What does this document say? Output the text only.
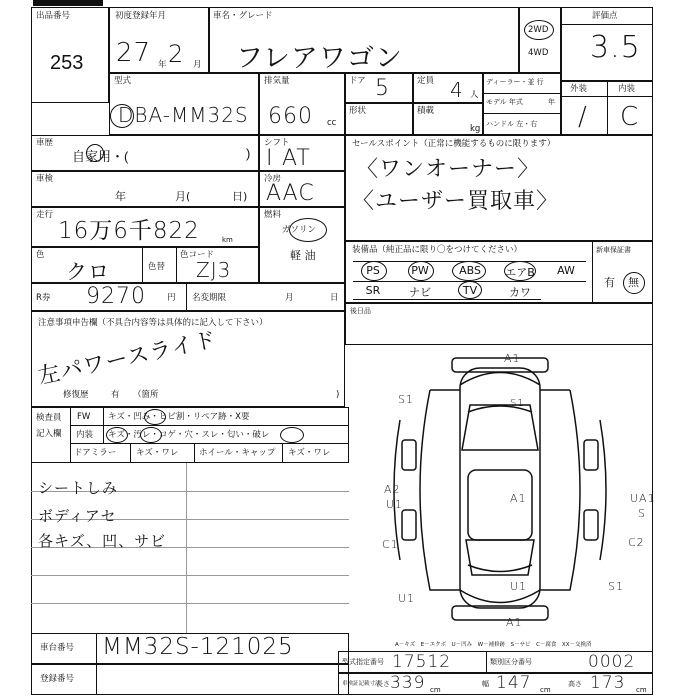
出品番号
253
初度登録年月
27 年 2 月
車名・グレード
フレアワゴン
2WD
4WD
評価点
3.5
外装	内装
/ C
型式
DBA-MM32S
排気量
660 cc
ドア 5	定員 4 人
形状	積載
kg
ディーラー・並 行
モデル 年式	年
ハンドル 左・右
車歴
自家用・(	)
シフト
I AT
セールスポイント（正常に機能するものに限ります）
〈ワンオーナー〉
〈ユーザー買取車〉
車検
年	月(	日)
冷房
AAC
走行
16万6千822	km
燃料
ガソリン
軽 油
色
クロ	色替
色コード
ZJ3
装備品（純正品に限り〇をつけてください）	新車保証書
有 無
PS	PW	ABS	エアB	AW
SR	ナビ	TV	カワ
R券 9270 円 名変期限	月	日
後日品
注意事項申告欄（不具合内容等は具体的に記入して下さい）
左パワースライド
修復歴	有 （箇所	)
検査員
記入欄
FW キズ・凹み・ヒビ割・リペア跡・X要
内装 キズ・汚レ・コゲ・穴・スレ・匂い・破レ
ドアミラー キズ・ワレ ホイール・キャップ キズ・ワレ
シートしみ
ボディアセ
各キズ、凹、サビ
A1
S1
S1
A1
A2
U1	UA1
S
C1	C2
U1
U1	S1
A1
車台番号 MM32S-121025
登録番号
A－キズ　E－エクボ　U－凹み　W－補修跡　S－サビ　C－腐食　XX－交換済
型式指定番号 17512	類別区分番号	0002
車検証記載寸法
長さ 339 cm
幅 147 cm
高さ 173 cm
